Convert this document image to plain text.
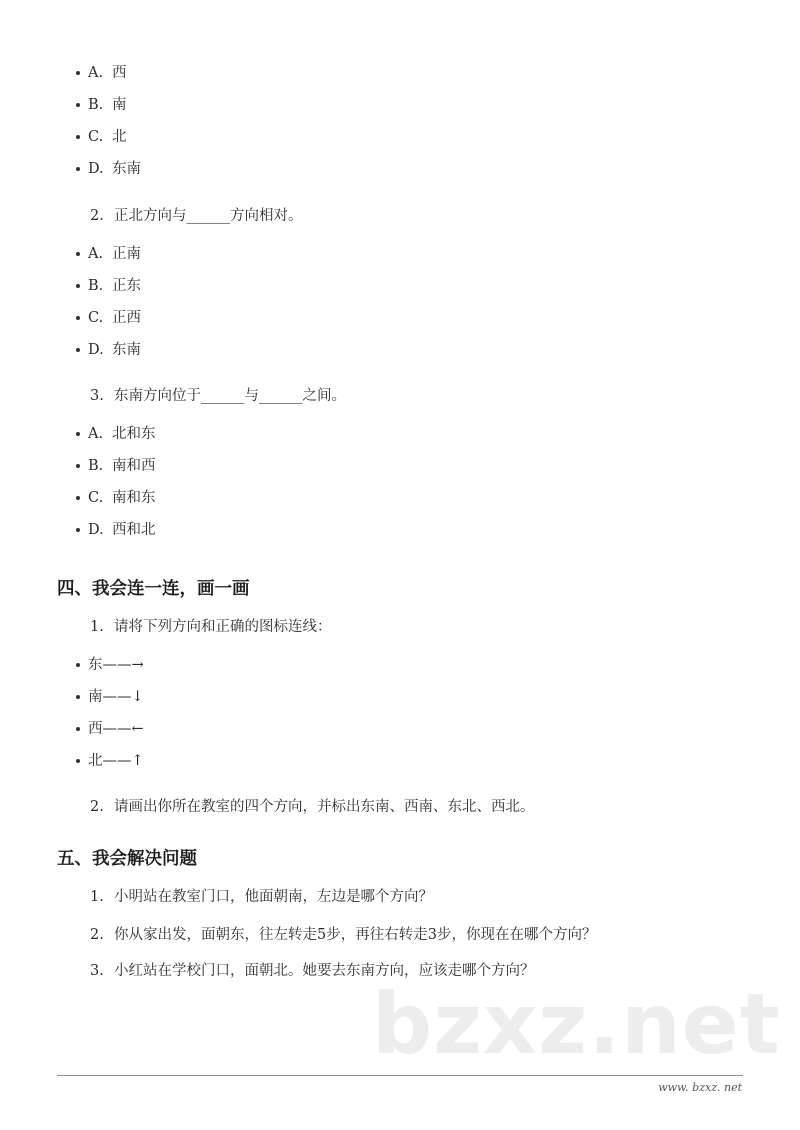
A. 西
B. 南
C. 北
D. 东南
2. 正北方向与______方向相对。
A. 正南
B. 正东
C. 正西
D. 东南
3. 东南方向位于______与______之间。
A. 北和东
B. 南和西
C. 南和东
D. 西和北
四、我会连一连，画一画
1. 请将下列方向和正确的图标连线：
东——→
南——↓
西——←
北——↑
2. 请画出你所在教室的四个方向，并标出东南、西南、东北、西北。
五、我会解决问题
1. 小明站在教室门口，他面朝南，左边是哪个方向？
2. 你从家出发，面朝东，往左转走5步，再往右转走3步，你现在在哪个方向？
3. 小红站在学校门口，面朝北。她要去东南方向，应该走哪个方向？
bzxz.net
www. bzxz. net
